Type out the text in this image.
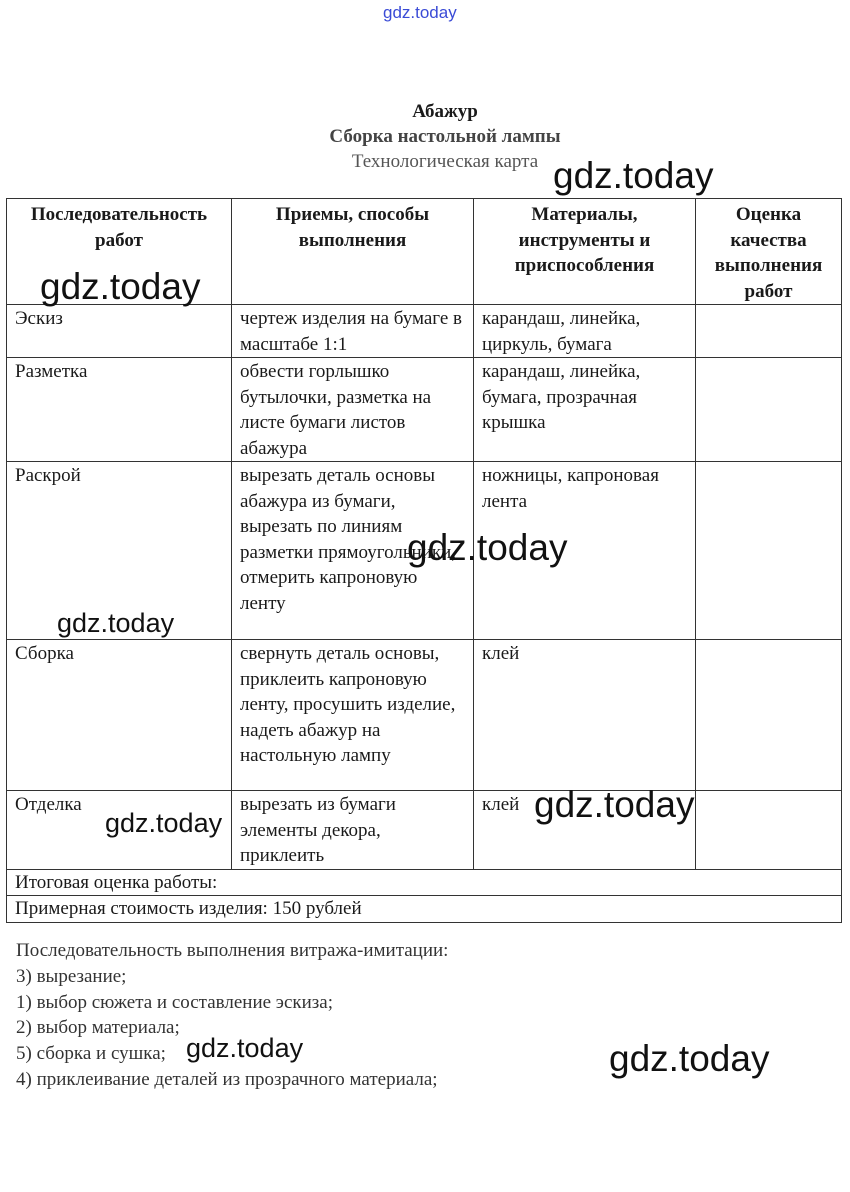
gdz.today
Абажур
Сборка настольной лампы
Технологическая карта
Последовательность работ	Приемы, способы выполнения	Материалы, инструменты и приспособления	Оценка качества выполнения работ
Эскиз	чертеж изделия на бумаге в масштабе 1:1	карандаш, линейка, циркуль, бумага	
Разметка	обвести горлышко бутылочки, разметка на листе бумаги листов абажура	карандаш, линейка, бумага, прозрачная крышка	
Раскрой	вырезать деталь основы абажура из бумаги, вырезать по линиям разметки прямоугольники, отмерить капроновую ленту	ножницы, капроновая лента	
Сборка	свернуть деталь основы, приклеить капроновую ленту, просушить изделие, надеть абажур на настольную лампу	клей	
Отделка	вырезать из бумаги элементы декора, приклеить	клей	
Итоговая оценка работы:			
Примерная стоимость изделия: 150 рублей			
Последовательность выполнения витража-имитации:
3) вырезание;
1) выбор сюжета и составление эскиза;
2) выбор материала;
5) сборка и сушка;
4) приклеивание деталей из прозрачного материала;
gdz.today
gdz.today
gdz.today
gdz.today
gdz.today
gdz.today
gdz.today	gdz.today
